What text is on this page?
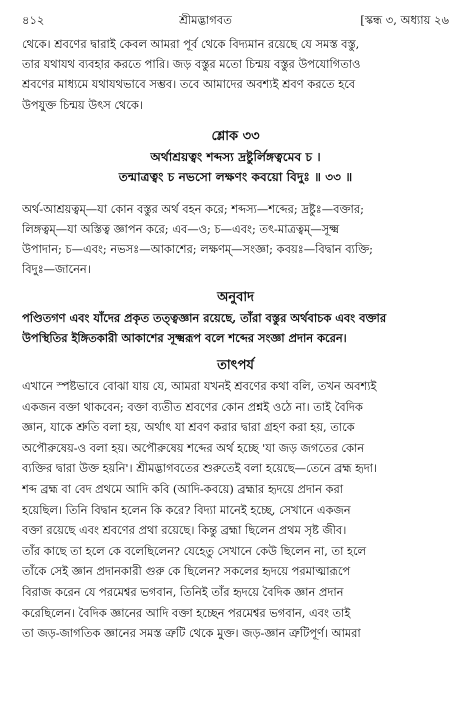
৪১২	শ্রীমদ্ভাগবত	[স্কন্ধ ৩, অধ্যায় ২৬

থেকে। শ্রবণের দ্বারাই কেবল আমরা পূর্ব থেকে বিদ্যমান রয়েছে যে সমস্ত বস্তু,
তার যথাযথ ব্যবহার করতে পারি। জড় বস্তুর মতো চিন্ময় বস্তুর উপযোগিতাও
শ্রবণের মাধ্যমে যথাযথভাবে সম্ভব। তবে আমাদের অবশ্যই শ্রবণ করতে হবে
উপযুক্ত চিন্ময় উৎস থেকে।

শ্লোক ৩৩

অর্থাশ্রয়ত্বং শব্দস্য দ্রষ্টুর্লিঙ্গত্বমেব চ ।

তন্মাত্রত্বং চ নভসো লক্ষণং কবয়ো বিদুঃ ॥ ৩৩ ॥

অর্থ-আশ্রয়ত্বম্—যা কোন বস্তুর অর্থ বহন করে; শব্দস্য—শব্দের; দ্রষ্টুঃ—বক্তার;
লিঙ্গত্বম্—যা অস্তিত্ব জ্ঞাপন করে; এব—ও; চ—এবং; তৎ-মাত্রত্বম্—সূক্ষ্ম
উপাদান; চ—এবং; নভসঃ—আকাশের; লক্ষণম্—সংজ্ঞা; কবয়ঃ—বিদ্বান ব্যক্তি;
বিদুঃ—জানেন।

অনুবাদ

পণ্ডিতগণ এবং যাঁদের প্রকৃত তত্ত্বজ্ঞান রয়েছে, তাঁরা বস্তুর অর্থবাচক এবং বক্তার
উপস্থিতির ইঙ্গিতকারী আকাশের সূক্ষ্মরূপ বলে শব্দের সংজ্ঞা প্রদান করেন।

তাৎপর্য

এখানে স্পষ্টভাবে বোঝা যায় যে, আমরা যখনই শ্রবণের কথা বলি, তখন অবশ্যই
একজন বক্তা থাকবেন; বক্তা ব্যতীত শ্রবণের কোন প্রশ্নই ওঠে না। তাই বৈদিক
জ্ঞান, যাকে শ্রুতি বলা হয়, অর্থাৎ যা শ্রবণ করার দ্বারা গ্রহণ করা হয়, তাকে
অপৌরুষেয়-ও বলা হয়। অপৌরুষেয় শব্দের অর্থ হচ্ছে 'যা জড় জগতের কোন
ব্যক্তির দ্বারা উক্ত হয়নি'। শ্রীমদ্ভাগবতের শুরুতেই বলা হয়েছে—তেনে ব্রহ্ম হৃদা।
শব্দ ব্রহ্ম বা বেদ প্রথমে আদি কবি (আদি-কবয়ে) ব্রহ্মার হৃদয়ে প্রদান করা
হয়েছিল। তিনি বিদ্বান হলেন কি করে? বিদ্যা মানেই হচ্ছে, সেখানে একজন
বক্তা রয়েছে এবং শ্রবণের প্রথা রয়েছে। কিন্তু ব্রহ্মা ছিলেন প্রথম সৃষ্ট জীব।
তাঁর কাছে তা হলে কে বলেছিলেন? যেহেতু সেখানে কেউ ছিলেন না, তা হলে
তাঁকে সেই জ্ঞান প্রদানকারী গুরু কে ছিলেন? সকলের হৃদয়ে পরমাত্মারূপে
বিরাজ করেন যে পরমেশ্বর ভগবান, তিনিই তাঁর হৃদয়ে বৈদিক জ্ঞান প্রদান
করেছিলেন। বৈদিক জ্ঞানের আদি বক্তা হচ্ছেন পরমেশ্বর ভগবান, এবং তাই
তা জড়-জাগতিক জ্ঞানের সমস্ত ত্রুটি থেকে মুক্ত। জড়-জ্ঞান ত্রুটিপূর্ণ। আমরা
